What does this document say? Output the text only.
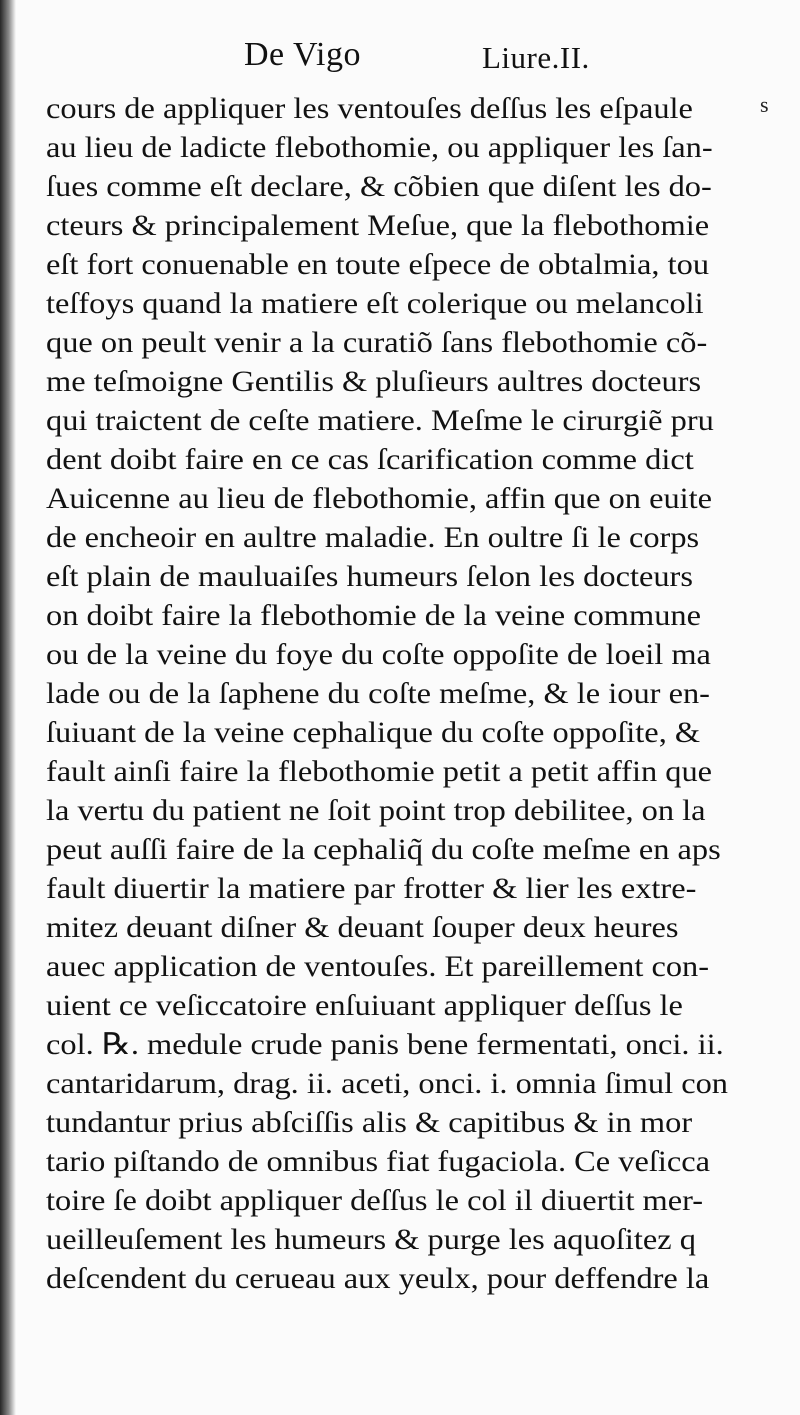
De Vigo	Liure.II.
s
cours de appliquer les ventouſes deſſus les eſpaule
au lieu de ladicte flebothomie, ou appliquer les ſan-
ſues comme eſt declare, & cõbien que diſent les do-
cteurs & principalement Meſue, que la flebothomie
eſt fort conuenable en toute eſpece de obtalmia, tou
teſfoys quand la matiere eſt colerique ou melancoli
que on peult venir a la curatiõ ſans flebothomie cõ-
me teſmoigne Gentilis & pluſieurs aultres docteurs
qui traictent de ceſte matiere. Meſme le cirurgiẽ pru
dent doibt faire en ce cas ſcarification comme dict
Auicenne au lieu de flebothomie, affin que on euite
de encheoir en aultre maladie. En oultre ſi le corps
eſt plain de mauluaiſes humeurs ſelon les docteurs
on doibt faire la flebothomie de la veine commune
ou de la veine du foye du coſte oppoſite de loeil ma
lade ou de la ſaphene du coſte meſme, & le iour en-
ſuiuant de la veine cephalique du coſte oppoſite, &
fault ainſi faire la flebothomie petit a petit affin que
la vertu du patient ne ſoit point trop debilitee, on la
peut auſſi faire de la cephaliq̃ du coſte meſme en aps
fault diuertir la matiere par frotter & lier les extre-
mitez deuant diſner & deuant ſouper deux heures
auec application de ventouſes. Et pareillement con-
uient ce veſiccatoire enſuiuant appliquer deſſus le
col. ℞. medule crude panis bene fermentati, onci. ii.
cantaridarum, drag. ii. aceti, onci. i. omnia ſimul con
tundantur prius abſciſſis alis & capitibus & in mor
tario piſtando de omnibus fiat fugaciola. Ce veſicca
toire ſe doibt appliquer deſſus le col il diuertit mer-
ueilleuſement les humeurs & purge les aquoſitez q
deſcendent du cerueau aux yeulx, pour deffendre la
